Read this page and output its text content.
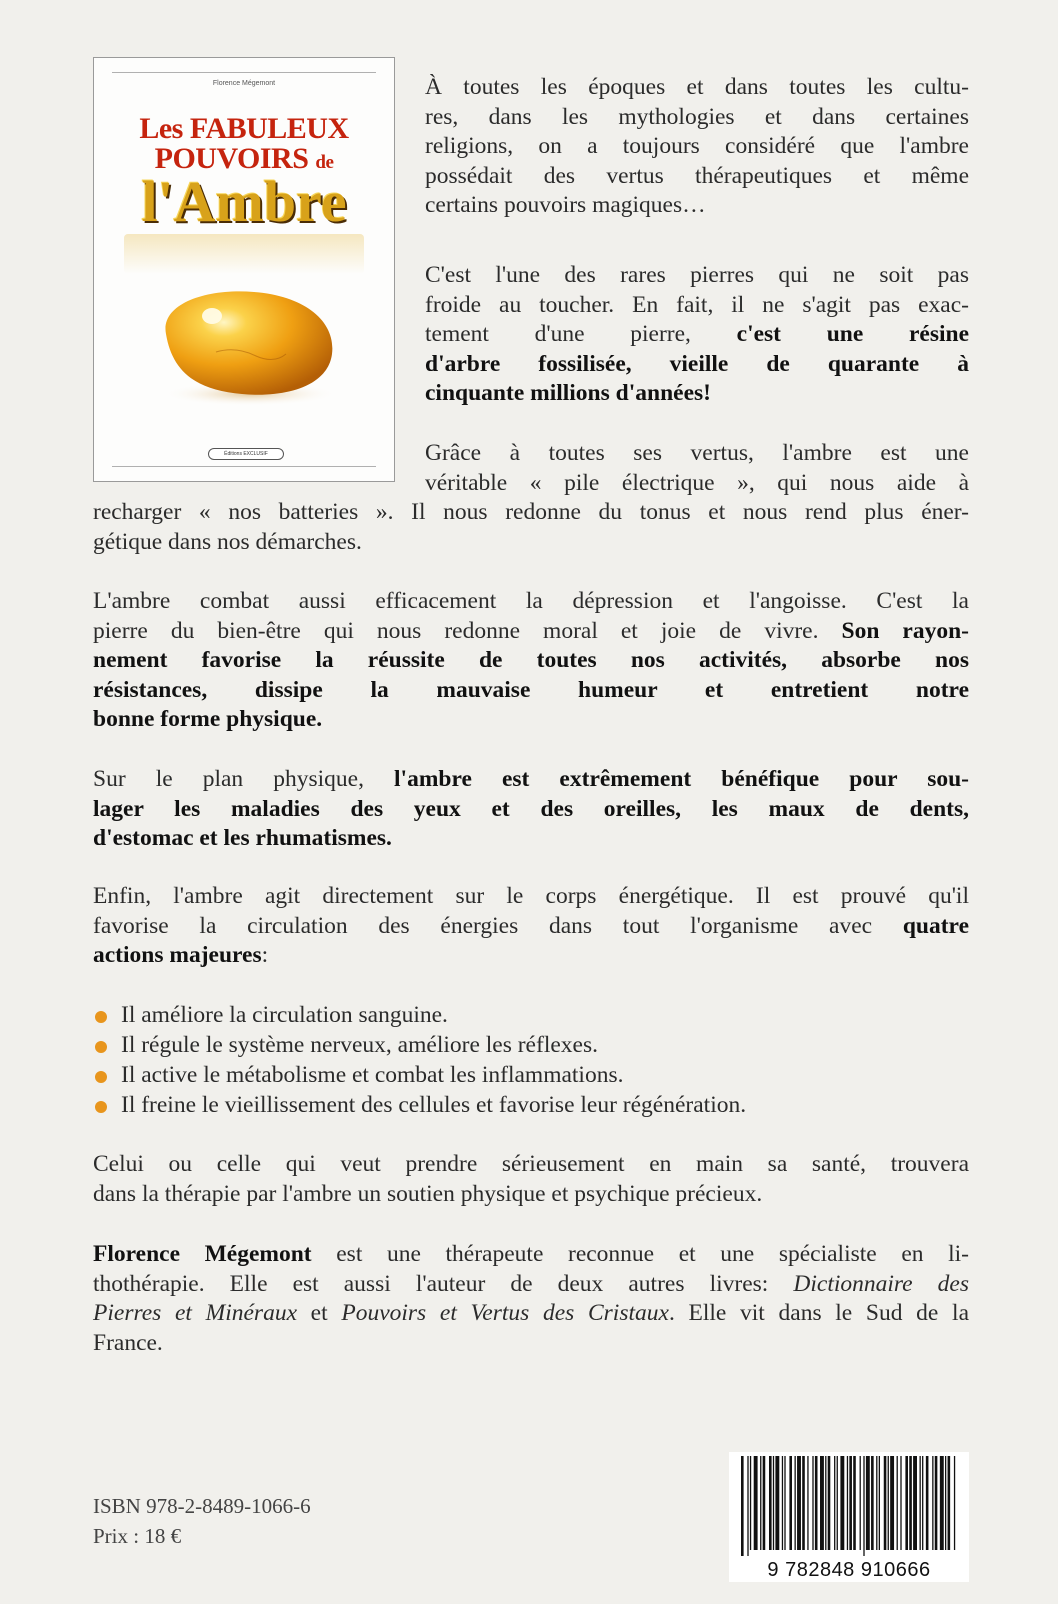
Florence Mégemont
Les FABULEUX
POUVOIRS de
l'Ambre
Éditions EXCLUSIF
À toutes les époques et dans toutes les cultu-
res, dans les mythologies et dans certaines
religions, on a toujours considéré que l'ambre
possédait des vertus thérapeutiques et même
certains pouvoirs magiques…
C'est l'une des rares pierres qui ne soit pas
froide au toucher. En fait, il ne s'agit pas exac-
tement d'une pierre, c'est une résine
d'arbre fossilisée, vieille de quarante à
cinquante millions d'années!
Grâce à toutes ses vertus, l'ambre est une
véritable « pile électrique », qui nous aide à
recharger « nos batteries ». Il nous redonne du tonus et nous rend plus éner-
gétique dans nos démarches.
L'ambre combat aussi efficacement la dépression et l'angoisse. C'est la
pierre du bien-être qui nous redonne moral et joie de vivre. Son rayon-
nement favorise la réussite de toutes nos activités, absorbe nos
résistances, dissipe la mauvaise humeur et entretient notre
bonne forme physique.
Sur le plan physique, l'ambre est extrêmement bénéfique pour sou-
lager les maladies des yeux et des oreilles, les maux de dents,
d'estomac et les rhumatismes.
Enfin, l'ambre agit directement sur le corps énergétique. Il est prouvé qu'il
favorise la circulation des énergies dans tout l'organisme avec quatre
actions majeures:
Il améliore la circulation sanguine.
Il régule le système nerveux, améliore les réflexes.
Il active le métabolisme et combat les inflammations.
Il freine le vieillissement des cellules et favorise leur régénération.
Celui ou celle qui veut prendre sérieusement en main sa santé, trouvera
dans la thérapie par l'ambre un soutien physique et psychique précieux.
Florence Mégemont est une thérapeute reconnue et une spécialiste en li-
thothérapie. Elle est aussi l'auteur de deux autres livres: Dictionnaire des
Pierres et Minéraux et Pouvoirs et Vertus des Cristaux. Elle vit dans le Sud de la
France.
ISBN 978-2-8489-1066-6
Prix : 18 €
9 782848 910666
